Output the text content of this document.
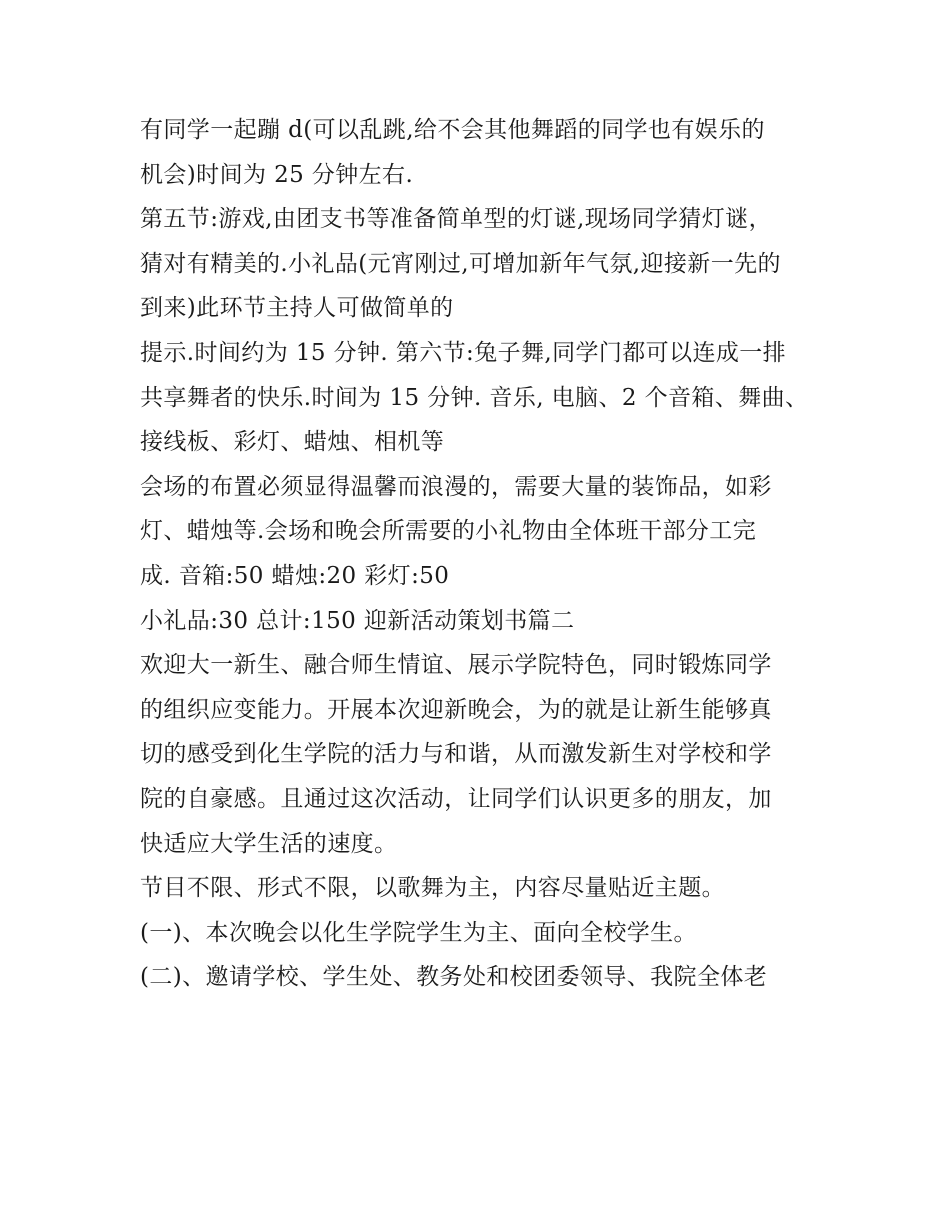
有同学一起蹦 d(可以乱跳,给不会其他舞蹈的同学也有娱乐的
机会)时间为 25 分钟左右.
第五节:游戏,由团支书等准备简单型的灯谜,现场同学猜灯谜，
猜对有精美的.小礼品(元宵刚过,可增加新年气氛,迎接新一先的
到来)此环节主持人可做简单的
提示.时间约为 15 分钟. 第六节:兔子舞,同学门都可以连成一排
共享舞者的快乐.时间为 15 分钟. 音乐, 电脑、2 个音箱、舞曲、
接线板、彩灯、蜡烛、相机等
会场的布置必须显得温馨而浪漫的，需要大量的装饰品，如彩
灯、蜡烛等.会场和晚会所需要的小礼物由全体班干部分工完
成. 音箱:50 蜡烛:20 彩灯:50
小礼品:30 总计:150 迎新活动策划书篇二
欢迎大一新生、融合师生情谊、展示学院特色，同时锻炼同学
的组织应变能力。开展本次迎新晚会，为的就是让新生能够真
切的感受到化生学院的活力与和谐，从而激发新生对学校和学
院的自豪感。且通过这次活动，让同学们认识更多的朋友，加
快适应大学生活的速度。
节目不限、形式不限，以歌舞为主，内容尽量贴近主题。
(一)、本次晚会以化生学院学生为主、面向全校学生。
(二)、邀请学校、学生处、教务处和校团委领导、我院全体老
